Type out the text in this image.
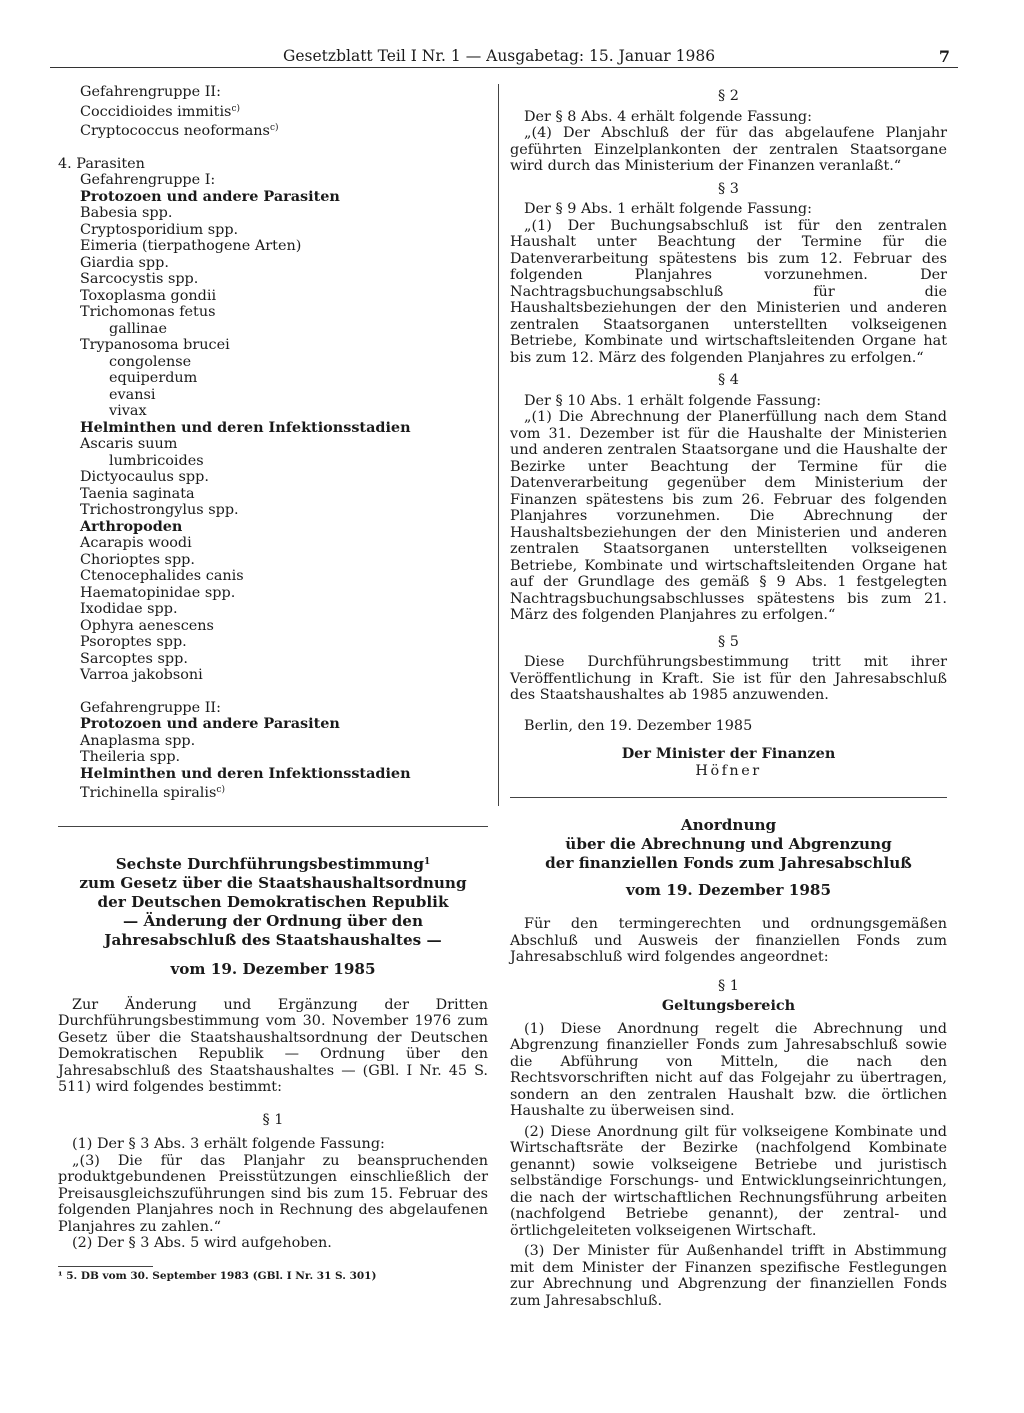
Gesetzblatt Teil I Nr. 1 — Ausgabetag: 15. Januar 1986	7
Gefahrengruppe II:
Coccidioides immitis$^{c)}$
Cryptococcus neoformans$^{c)}$
4. Parasiten
Gefahrengruppe I:
Protozoen und andere Parasiten
Babesia spp.
Cryptosporidium spp.
Eimeria (tierpathogene Arten)
Giardia spp.
Sarcocystis spp.
Toxoplasma gondii
Trichomonas fetus
gallinae
Trypanosoma brucei
congolense
equiperdum
evansi
vivax
Helminthen und deren Infektionsstadien
Ascaris suum
lumbricoides
Dictyocaulus spp.
Taenia saginata
Trichostrongylus spp.
Arthropoden
Acarapis woodi
Chorioptes spp.
Ctenocephalides canis
Haematopinidae spp.
Ixodidae spp.
Ophyra aenescens
Psoroptes spp.
Sarcoptes spp.
Varroa jakobsoni
Gefahrengruppe II:
Protozoen und andere Parasiten
Anaplasma spp.
Theileria spp.
Helminthen und deren Infektionsstadien
Trichinella spiralis$^{c)}$
Sechste Durchführungsbestimmung$^1$
zum Gesetz über die Staatshaushaltsordnung
der Deutschen Demokratischen Republik
— Änderung der Ordnung über den
Jahresabschluß des Staatshaushaltes —
vom 19. Dezember 1985
Zur Änderung und Ergänzung der Dritten Durchführungsbestimmung vom 30. November 1976 zum Gesetz über die Staatshaushaltsordnung der Deutschen Demokratischen Republik — Ordnung über den Jahresabschluß des Staatshaushaltes — (GBl. I Nr. 45 S. 511) wird folgendes bestimmt:
§ 1
(1) Der § 3 Abs. 3 erhält folgende Fassung:
„(3) Die für das Planjahr zu beanspruchenden produktgebundenen Preisstützungen einschließlich der Preisausgleichszuführungen sind bis zum 15. Februar des folgenden Planjahres noch in Rechnung des abgelaufenen Planjahres zu zahlen.“
(2) Der § 3 Abs. 5 wird aufgehoben.
¹ 5. DB vom 30. September 1983 (GBl. I Nr. 31 S. 301)
§ 2
Der § 8 Abs. 4 erhält folgende Fassung:
„(4) Der Abschluß der für das abgelaufene Planjahr geführten Einzelplankonten der zentralen Staatsorgane wird durch das Ministerium der Finanzen veranlaßt.“
§ 3
Der § 9 Abs. 1 erhält folgende Fassung:
„(1) Der Buchungsabschluß ist für den zentralen Haushalt unter Beachtung der Termine für die Datenverarbeitung spätestens bis zum 12. Februar des folgenden Planjahres vorzunehmen. Der Nachtragsbuchungsabschluß für die Haushaltsbeziehungen der den Ministerien und anderen zentralen Staatsorganen unterstellten volkseigenen Betriebe, Kombinate und wirtschaftsleitenden Organe hat bis zum 12. März des folgenden Planjahres zu erfolgen.“
§ 4
Der § 10 Abs. 1 erhält folgende Fassung:
„(1) Die Abrechnung der Planerfüllung nach dem Stand vom 31. Dezember ist für die Haushalte der Ministerien und anderen zentralen Staatsorgane und die Haushalte der Bezirke unter Beachtung der Termine für die Datenverarbeitung gegenüber dem Ministerium der Finanzen spätestens bis zum 26. Februar des folgenden Planjahres vorzunehmen. Die Abrechnung der Haushaltsbeziehungen der den Ministerien und anderen zentralen Staatsorganen unterstellten volkseigenen Betriebe, Kombinate und wirtschaftsleitenden Organe hat auf der Grundlage des gemäß § 9 Abs. 1 festgelegten Nachtragsbuchungsabschlusses spätestens bis zum 21. März des folgenden Planjahres zu erfolgen.“
§ 5
Diese Durchführungsbestimmung tritt mit ihrer Veröffentlichung in Kraft. Sie ist für den Jahresabschluß des Staatshaushaltes ab 1985 anzuwenden.
Berlin, den 19. Dezember 1985
Der Minister der Finanzen
Höfner
Anordnung
über die Abrechnung und Abgrenzung
der finanziellen Fonds zum Jahresabschluß
vom 19. Dezember 1985
Für den termingerechten und ordnungsgemäßen Abschluß und Ausweis der finanziellen Fonds zum Jahresabschluß wird folgendes angeordnet:
§ 1
Geltungsbereich
(1) Diese Anordnung regelt die Abrechnung und Abgrenzung finanzieller Fonds zum Jahresabschluß sowie die Abführung von Mitteln, die nach den Rechtsvorschriften nicht auf das Folgejahr zu übertragen, sondern an den zentralen Haushalt bzw. die örtlichen Haushalte zu überweisen sind.
(2) Diese Anordnung gilt für volkseigene Kombinate und Wirtschaftsräte der Bezirke (nachfolgend Kombinate genannt) sowie volkseigene Betriebe und juristisch selbständige Forschungs- und Entwicklungseinrichtungen, die nach der wirtschaftlichen Rechnungsführung arbeiten (nachfolgend Betriebe genannt), der zentral- und örtlichgeleiteten volkseigenen Wirtschaft.
(3) Der Minister für Außenhandel trifft in Abstimmung mit dem Minister der Finanzen spezifische Festlegungen zur Abrechnung und Abgrenzung der finanziellen Fonds zum Jahresabschluß.
